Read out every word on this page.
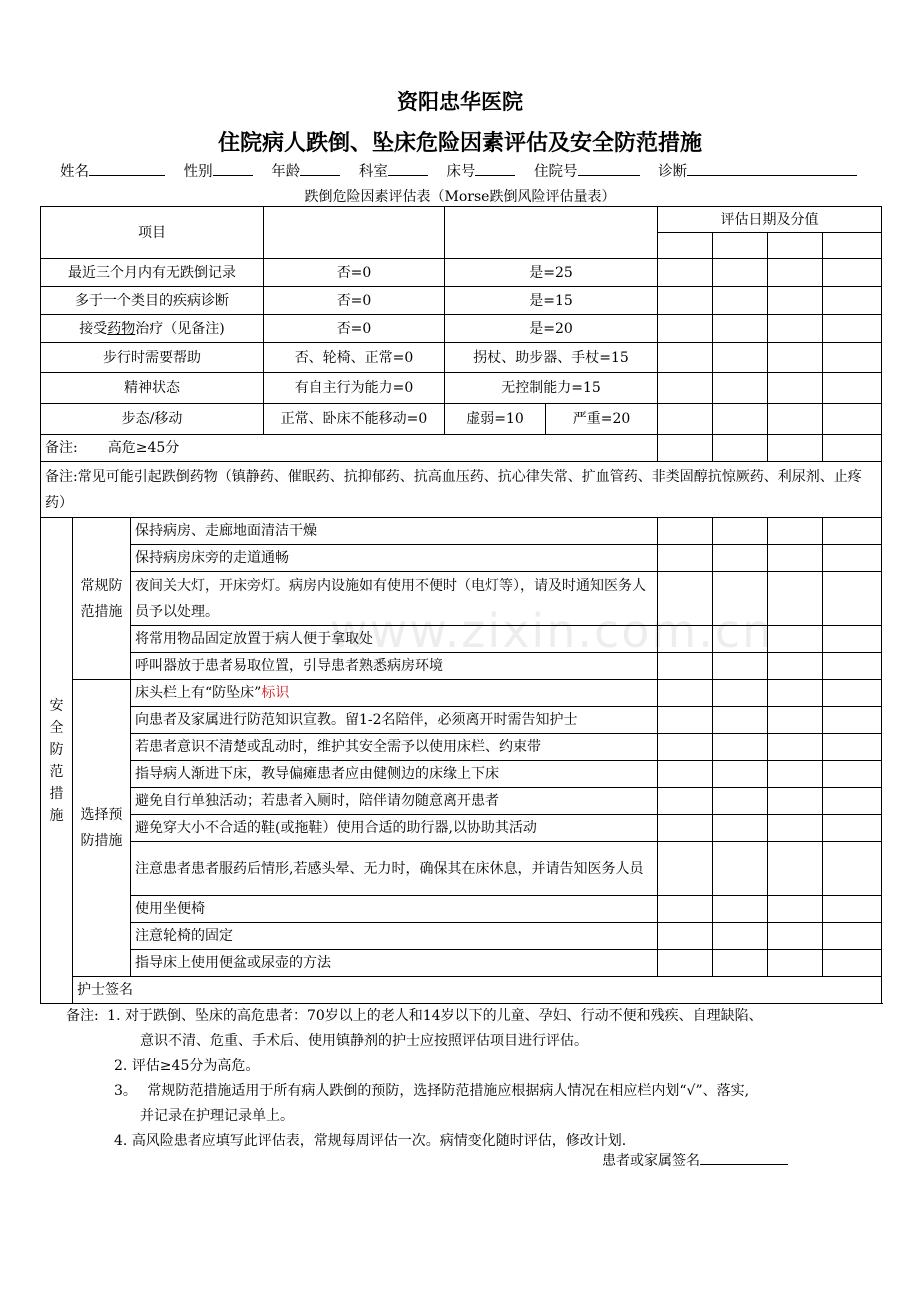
资阳忠华医院
住院病人跌倒、坠床危险因素评估及安全防范措施
姓名	性别	年龄	科室	床号	住院号	诊断
跌倒危险因素评估表（Morse跌倒风险评估量表）
www.zixin.com.cn
项目						评估日期及分值			

最近三个月内有无跌倒记录			否=0	是=25					
多于一个类目的疾病诊断			否=0	是=15					
接受药物治疗（见备注)			否=0	是=20					
步行时需要帮助			否、轮椅、正常=0	拐杖、助步器、手杖=15					
精神状态			有自主行为能力=0	无控制能力=15					
步态/移动			正常、卧床不能移动=0	虚弱=10	严重=20				
备注: 高危≥45分									
备注:常见可能引起跌倒药物（镇静药、催眠药、抗抑郁药、抗高血压药、抗心律失常、扩血管药、非类固醇抗惊厥药、利尿剂、止疼药）									

安全防范措施	常规防范措施	保持病房、走廊地面清洁干燥							
		保持病房床旁的走道通畅							
		夜间关大灯，开床旁灯。病房内设施如有使用不便时（电灯等），请及时通知医务人员予以处理。							
		将常用物品固定放置于病人便于拿取处							
		呼叫器放于患者易取位置，引导患者熟悉病房环境							

	选择预防措施	床头栏上有“防坠床”标识							
		向患者及家属进行防范知识宣教。留1-2名陪伴，必须离开时需告知护士							
		若患者意识不清楚或乱动时，维护其安全需予以使用床栏、约束带							
		指导病人渐进下床，教导偏瘫患者应由健侧边的床缘上下床							
		避免自行单独活动；若患者入厕时，陪伴请勿随意离开患者							
		避免穿大小不合适的鞋(或拖鞋）使用合适的助行器,以协助其活动							
		注意患者患者服药后情形,若感头晕、无力时，确保其在床休息，并请告知医务人员							
		使用坐便椅							
		注意轮椅的固定							
		指导床上使用便盆或尿壶的方法							
	护士签名								
备注: 1. 对于跌倒、坠床的高危患者：70岁以上的老人和14岁以下的儿童、孕妇、行动不便和残疾、自理缺陷、
意识不清、危重、手术后、使用镇静剂的护士应按照评估项目进行评估。
2. 评估≥45分为高危。
3。 常规防范措施适用于所有病人跌倒的预防，选择防范措施应根据病人情况在相应栏内划“√”、落实,
并记录在护理记录单上。
4. 高风险患者应填写此评估表，常规每周评估一次。病情变化随时评估，修改计划.
患者或家属签名
